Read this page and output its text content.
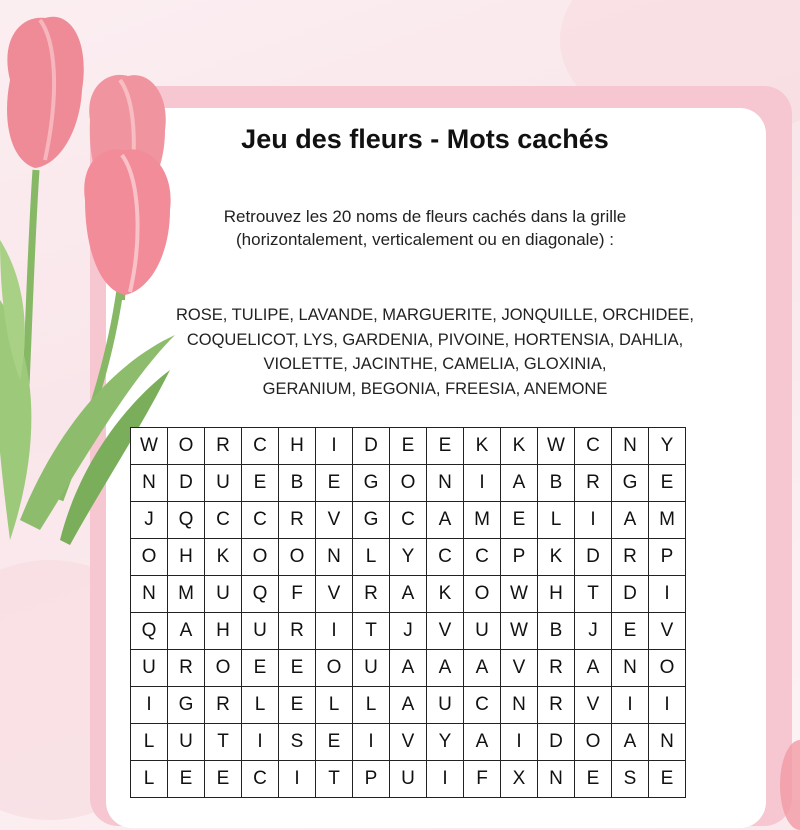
Jeu des fleurs - Mots cachés
Retrouvez les 20 noms de fleurs cachés dans la grille
(horizontalement, verticalement ou en diagonale) :
ROSE, TULIPE, LAVANDE, MARGUERITE, JONQUILLE, ORCHIDEE,
COQUELICOT, LYS, GARDENIA, PIVOINE, HORTENSIA, DAHLIA,
VIOLETTE, JACINTHE, CAMELIA, GLOXINIA,
GERANIUM, BEGONIA, FREESIA, ANEMONE
W	O	R	C	H	I	D	E	E	K	K	W	C	N	Y
N	D	U	E	B	E	G	O	N	I	A	B	R	G	E
J	Q	C	C	R	V	G	C	A	M	E	L	I	A	M
O	H	K	O	O	N	L	Y	C	C	P	K	D	R	P
N	M	U	Q	F	V	R	A	K	O	W	H	T	D	I
Q	A	H	U	R	I	T	J	V	U	W	B	J	E	V
U	R	O	E	E	O	U	A	A	A	V	R	A	N	O
I	G	R	L	E	L	L	A	U	C	N	R	V	I	I
L	U	T	I	S	E	I	V	Y	A	I	D	O	A	N
L	E	E	C	I	T	P	U	I	F	X	N	E	S	E
